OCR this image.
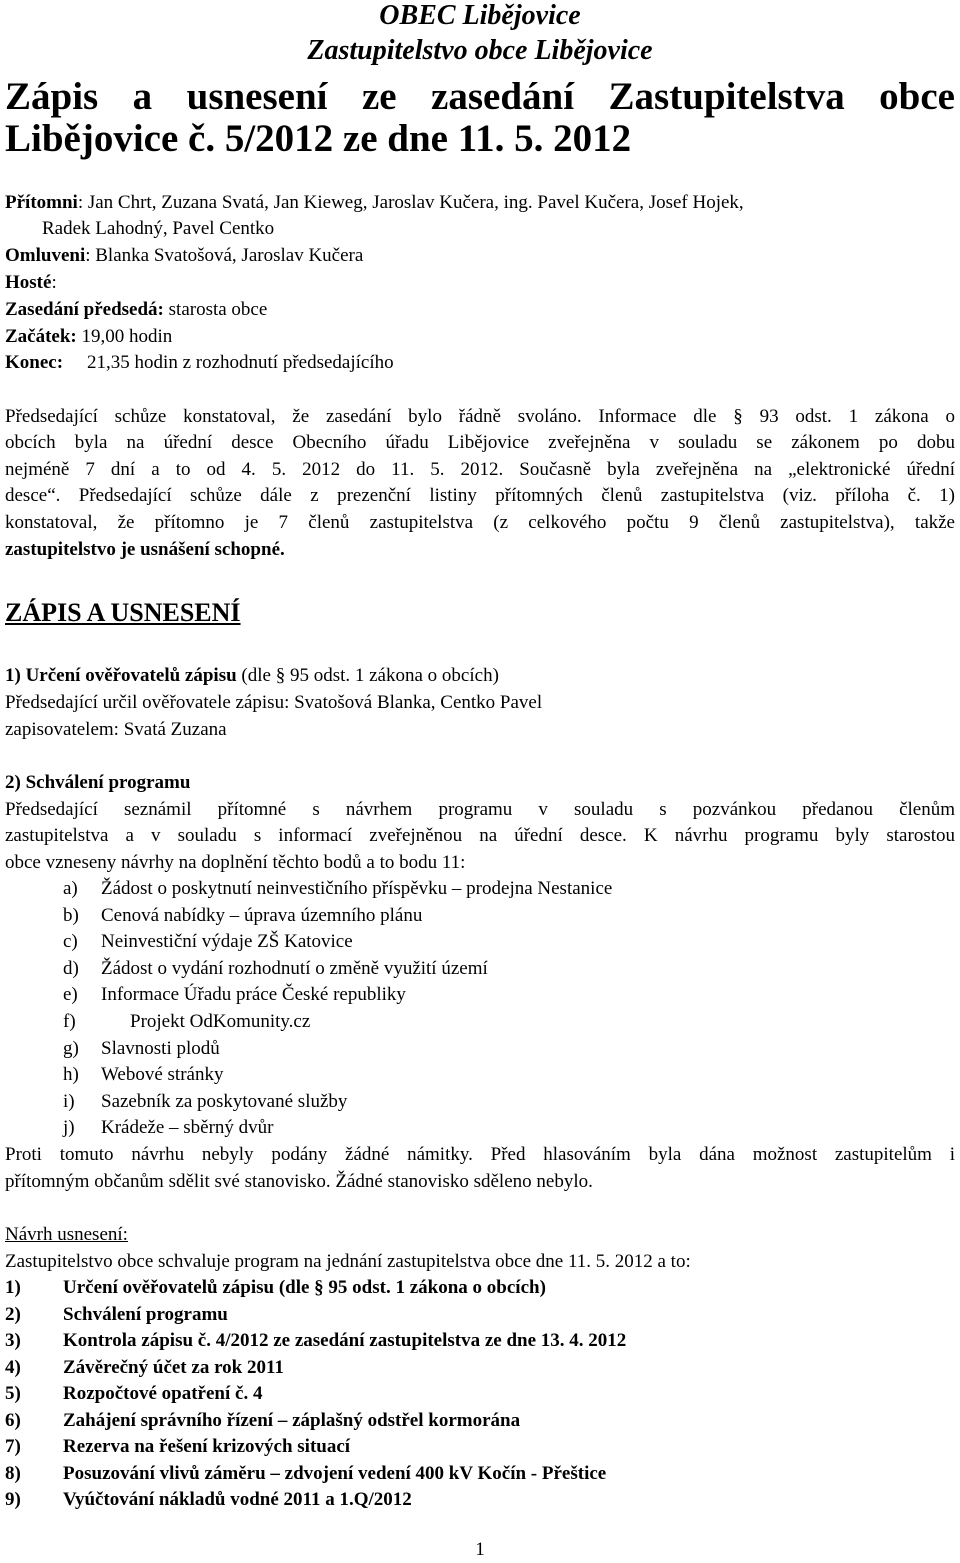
OBEC Libějovice
Zastupitelstvo obce Libějovice
Zápis a usnesení ze zasedání Zastupitelstva obce
Libějovice č. 5/2012 ze dne 11. 5. 2012
Přítomni: Jan Chrt, Zuzana Svatá, Jan Kieweg, Jaroslav Kučera, ing. Pavel Kučera, Josef Hojek,
Radek Lahodný, Pavel Centko
Omluveni: Blanka Svatošová, Jaroslav Kučera
Hosté:
Zasedání předsedá: starosta obce
Začátek: 19,00 hodin
Konec: 21,35 hodin z rozhodnutí předsedajícího
Předsedající schůze konstatoval, že zasedání bylo řádně svoláno. Informace dle § 93 odst. 1 zákona o
obcích byla na úřední desce Obecního úřadu Libějovice zveřejněna v souladu se zákonem po dobu
nejméně 7 dní a to od 4. 5. 2012 do 11. 5. 2012. Současně byla zveřejněna na „elektronické úřední
desce“. Předsedající schůze dále z prezenční listiny přítomných členů zastupitelstva (viz. příloha č. 1)
konstatoval, že přítomno je 7 členů zastupitelstva (z celkového počtu 9 členů zastupitelstva), takže
zastupitelstvo je usnášení schopné.
ZÁPIS A USNESENÍ
1) Určení ověřovatelů zápisu (dle § 95 odst. 1 zákona o obcích)
Předsedající určil ověřovatele zápisu: Svatošová Blanka, Centko Pavel
zapisovatelem: Svatá Zuzana
2) Schválení programu
Předsedající seznámil přítomné s návrhem programu v souladu s pozvánkou předanou členům
zastupitelstva a v souladu s informací zveřejněnou na úřední desce. K návrhu programu byly starostou
obce vzneseny návrhy na doplnění těchto bodů a to bodu 11:
a) Žádost o poskytnutí neinvestičního příspěvku – prodejna Nestanice
b) Cenová nabídky – úprava územního plánu
c) Neinvestiční výdaje ZŠ Katovice
d) Žádost o vydání rozhodnutí o změně využití území
e) Informace Úřadu práce České republiky
f)	Projekt OdKomunity.cz
g) Slavnosti plodů
h) Webové stránky
i) Sazebník za poskytované služby
j) Krádeže – sběrný dvůr
Proti tomuto návrhu nebyly podány žádné námitky. Před hlasováním byla dána možnost zastupitelům i
přítomným občanům sdělit své stanovisko. Žádné stanovisko sděleno nebylo.
Návrh usnesení:
Zastupitelstvo obce schvaluje program na jednání zastupitelstva obce dne 11. 5. 2012 a to:
1) Určení ověřovatelů zápisu (dle § 95 odst. 1 zákona o obcích)
2) Schválení programu
3) Kontrola zápisu č. 4/2012 ze zasedání zastupitelstva ze dne 13. 4. 2012
4) Závěrečný účet za rok 2011
5) Rozpočtové opatření č. 4
6) Zahájení správního řízení – záplašný odstřel kormorána
7) Rezerva na řešení krizových situací
8) Posuzování vlivů záměru – zdvojení vedení 400 kV Kočín - Přeštice
9) Vyúčtování nákladů vodné 2011 a 1.Q/2012
1
